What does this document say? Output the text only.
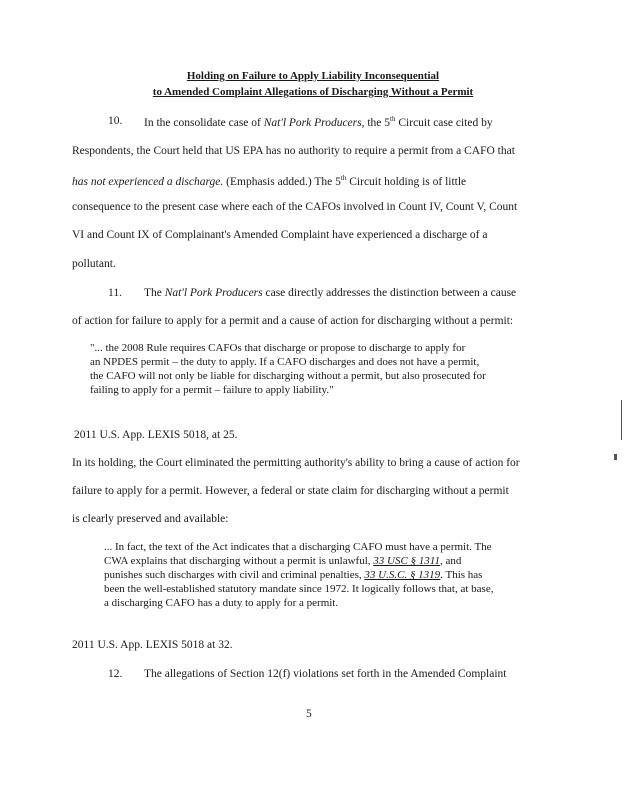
Holding on Failure to Apply Liability Inconsequential
to Amended Complaint Allegations of Discharging Without a Permit
10. In the consolidate case of Nat'l Pork Producers, the 5th Circuit case cited by
Respondents, the Court held that US EPA has no authority to require a permit from a CAFO that
has not experienced a discharge. (Emphasis added.) The 5th Circuit holding is of little
consequence to the present case where each of the CAFOs involved in Count IV, Count V, Count
VI and Count IX of Complainant's Amended Complaint have experienced a discharge of a
pollutant.
11. The Nat'l Pork Producers case directly addresses the distinction between a cause
of action for failure to apply for a permit and a cause of action for discharging without a permit:
"... the 2008 Rule requires CAFOs that discharge or propose to discharge to apply for
an NPDES permit – the duty to apply. If a CAFO discharges and does not have a permit,
the CAFO will not only be liable for discharging without a permit, but also prosecuted for
failing to apply for a permit – failure to apply liability."
2011 U.S. App. LEXIS 5018, at 25.
In its holding, the Court eliminated the permitting authority's ability to bring a cause of action for
failure to apply for a permit. However, a federal or state claim for discharging without a permit
is clearly preserved and available:
... In fact, the text of the Act indicates that a discharging CAFO must have a permit. The
CWA explains that discharging without a permit is unlawful, 33 USC § 1311, and
punishes such discharges with civil and criminal penalties, 33 U.S.C. § 1319. This has
been the well-established statutory mandate since 1972. It logically follows that, at base,
a discharging CAFO has a duty to apply for a permit.
2011 U.S. App. LEXIS 5018 at 32.
12. The allegations of Section 12(f) violations set forth in the Amended Complaint
5
